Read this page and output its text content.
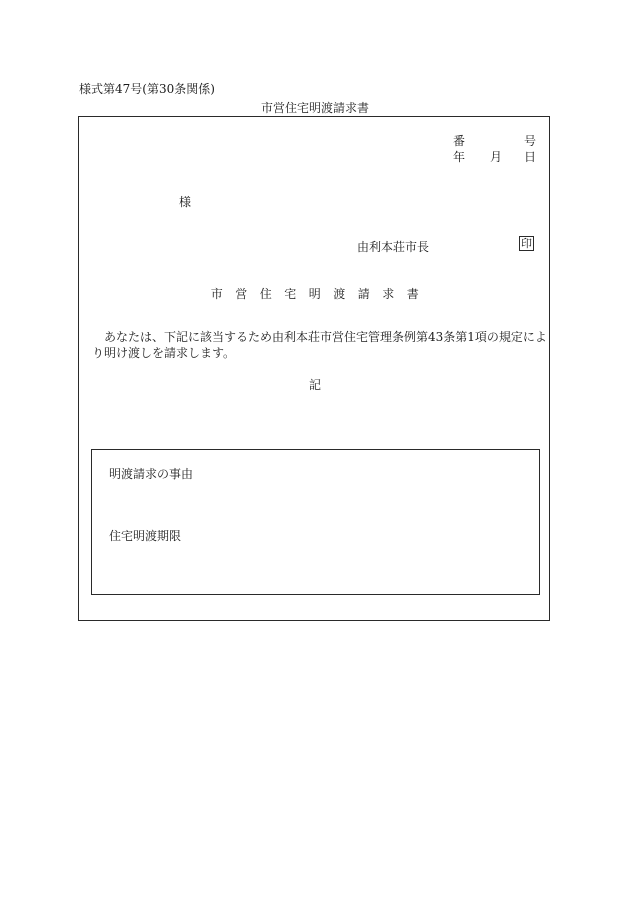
様式第47号(第30条関係)
市営住宅明渡請求書
番	号
年 月 日
様
由利本荘市長	印
市営住宅明渡請求書
あなたは、下記に該当するため由利本荘市営住宅管理条例第43条第1項の規定により明け渡しを請求します。
記
明渡請求の事由
住宅明渡期限
